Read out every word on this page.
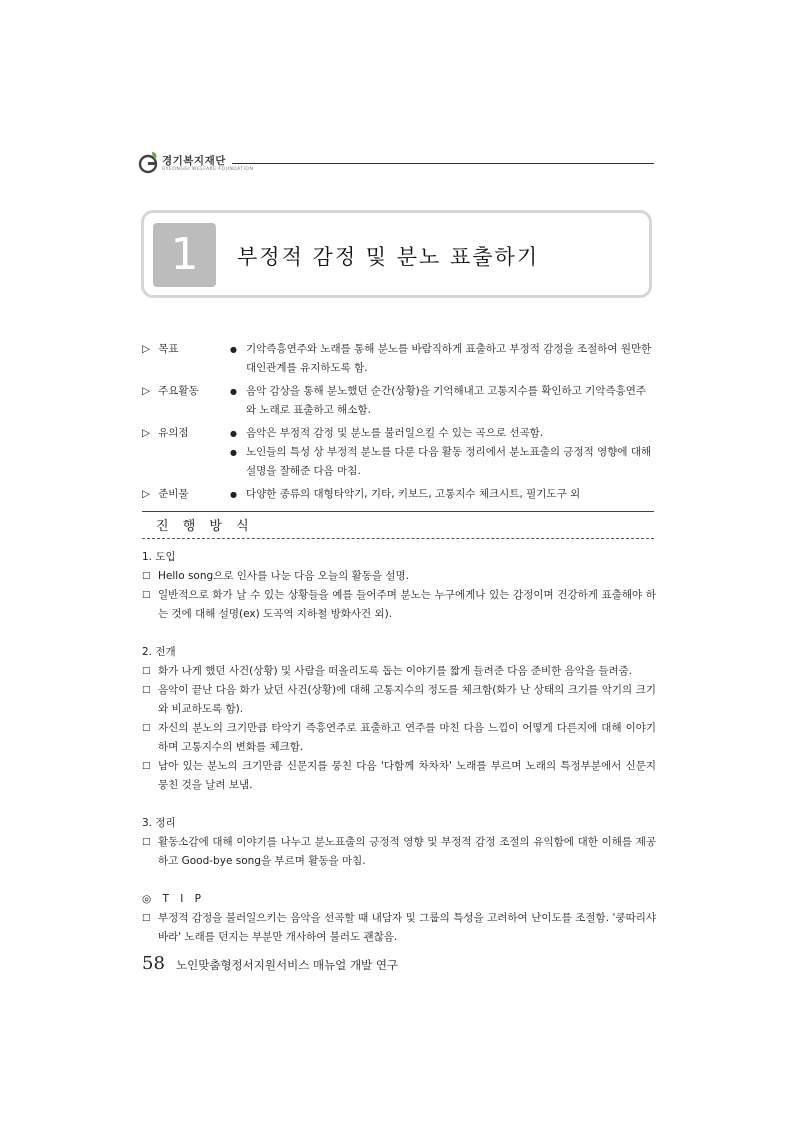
경기복지재단
GYEONGGI WELFARE FOUNDATION
1	부정적 감정 및 분노 표출하기
▷ 목표	● 기악즉흥연주와 노래를 통해 분노를 바람직하게 표출하고 부정적 감정을 조절하여 원만한 대인관계를 유지하도록 함.
▷ 주요활동	● 음악 감상을 통해 분노했던 순간(상황)을 기억해내고 고통지수를 확인하고 기악즉흥연주와 노래로 표출하고 해소함.
▷ 유의점	● 음악은 부정적 감정 및 분노를 불러일으킬 수 있는 곡으로 선곡함.
● 노인들의 특성 상 부정적 분노를 다룬 다음 활동 정리에서 분노표출의 긍정적 영향에 대해 설명을 잘해준 다음 마침.
▷ 준비물	● 다양한 종류의 대형타악기, 기타, 키보드, 고통지수 체크시트, 필기도구 외
진 행 방 식
1. 도입
□ Hello song으로 인사를 나눈 다음 오늘의 활동을 설명.
□ 일반적으로 화가 날 수 있는 상황들을 예를 들어주며 분노는 누구에게나 있는 감정이며 건강하게 표출해야 하는 것에 대해 설명(ex) 도곡역 지하철 방화사건 외).
2. 전개
□ 화가 나게 했던 사건(상황) 및 사람을 떠올리도록 돕는 이야기를 짧게 들려준 다음 준비한 음악을 들려줌.
□ 음악이 끝난 다음 화가 났던 사건(상황)에 대해 고통지수의 정도를 체크함(화가 난 상태의 크기를 악기의 크기와 비교하도록 함).
□ 자신의 분노의 크기만큼 타악기 즉흥연주로 표출하고 연주를 마친 다음 느낌이 어떻게 다른지에 대해 이야기 하며 고통지수의 변화를 체크함.
□ 남아 있는 분노의 크기만큼 신문지를 뭉친 다음 '다함께 차차차' 노래를 부르며 노래의 특정부분에서 신문지 뭉친 것을 날려 보냄.
3. 정리
□ 활동소감에 대해 이야기를 나누고 분노표출의 긍정적 영향 및 부정적 감정 조절의 유익함에 대한 이해를 제공하고 Good-bye song을 부르며 활동을 마침.
◎ T I P
□ 부정적 감정을 불러일으키는 음악을 선곡할 때 내담자 및 그룹의 특성을 고려하여 난이도를 조절함. '쿵따리샤바라' 노래를 던지는 부분만 개사하여 불러도 괜찮음.
58 노인맞춤형정서지원서비스 매뉴얼 개발 연구
